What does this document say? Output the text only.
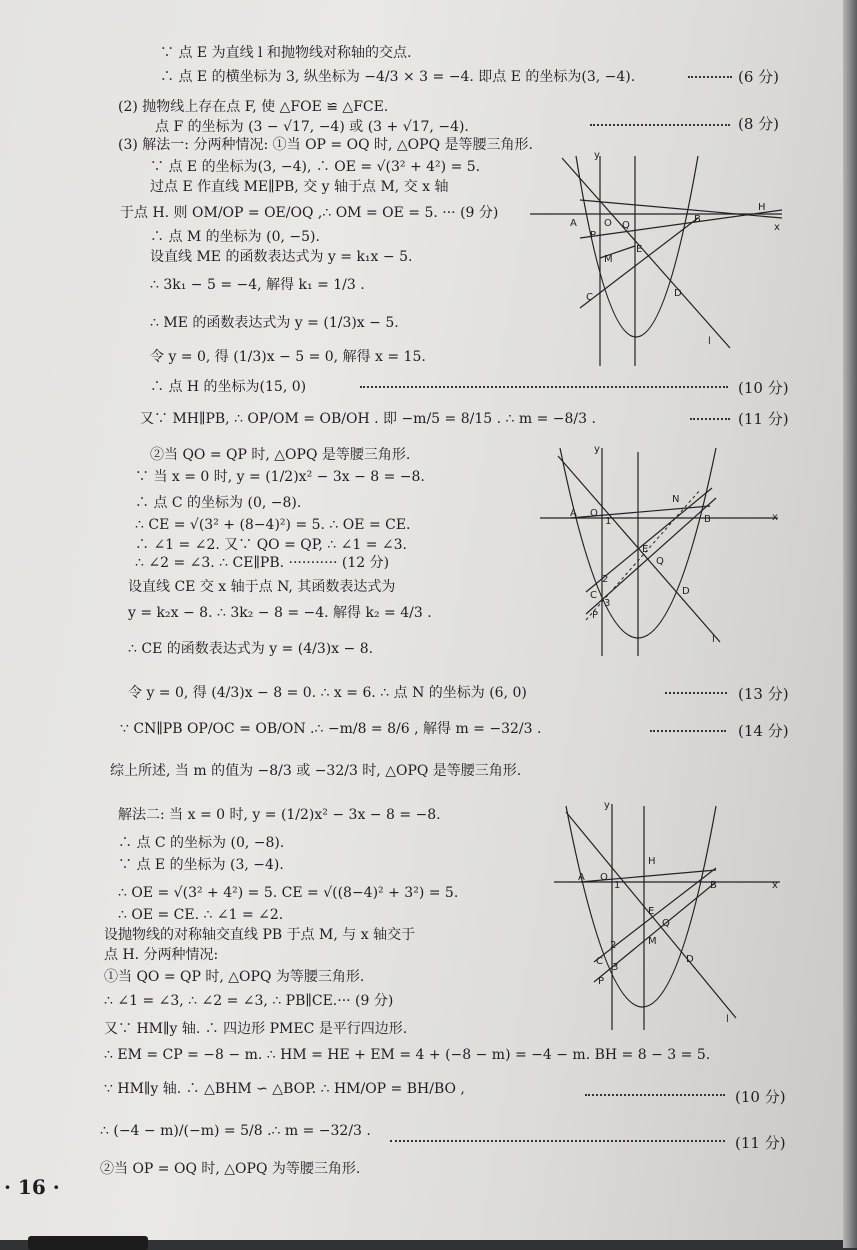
∵ 点 E 为直线 l 和抛物线对称轴的交点.
∴ 点 E 的横坐标为 3, 纵坐标为 −4/3 × 3 = −4. 即点 E 的坐标为(3, −4).	(6 分)
(2) 抛物线上存在点 F, 使 △FOE ≌ △FCE.
点 F 的坐标为 (3 − √17, −4) 或 (3 + √17, −4).	(8 分)
(3) 解法一: 分两种情况: ①当 OP = OQ 时, △OPQ 是等腰三角形.
∵ 点 E 的坐标为(3, −4), ∴ OE = √(3² + 4²) = 5.
过点 E 作直线 ME∥PB, 交 y 轴于点 M, 交 x 轴
于点 H. 则 OM/OP = OE/OQ ,∴ OM = OE = 5. ··· (9 分)
∴ 点 M 的坐标为 (0, −5).
设直线 ME 的函数表达式为 y = k₁x − 5.
∴ 3k₁ − 5 = −4, 解得 k₁ = 1/3 .
∴ ME 的函数表达式为 y = (1/3)x − 5.
令 y = 0, 得 (1/3)x − 5 = 0, 解得 x = 15.
∴ 点 H 的坐标为(15, 0)	(10 分)
又∵ MH∥PB, ∴ OP/OM = OB/OH . 即 −m/5 = 8/15 . ∴ m = −8/3 .	(11 分)
②当 QO = QP 时, △OPQ 是等腰三角形.
∵ 当 x = 0 时, y = (1/2)x² − 3x − 8 = −8.
∴ 点 C 的坐标为 (0, −8).
∴ CE = √(3² + (8−4)²) = 5. ∴ OE = CE.
∴ ∠1 = ∠2. 又∵ QO = QP, ∴ ∠1 = ∠3.
∴ ∠2 = ∠3. ∴ CE∥PB. ··········· (12 分)
设直线 CE 交 x 轴于点 N, 其函数表达式为
y = k₂x − 8. ∴ 3k₂ − 8 = −4. 解得 k₂ = 4/3 .
∴ CE 的函数表达式为 y = (4/3)x − 8.
令 y = 0, 得 (4/3)x − 8 = 0. ∴ x = 6. ∴ 点 N 的坐标为 (6, 0)	(13 分)
∵ CN∥PB OP/OC = OB/ON .∴ −m/8 = 8/6 , 解得 m = −32/3 .	(14 分)
综上所述, 当 m 的值为 −8/3 或 −32/3 时, △OPQ 是等腰三角形.
解法二: 当 x = 0 时, y = (1/2)x² − 3x − 8 = −8.
∴ 点 C 的坐标为 (0, −8).
∵ 点 E 的坐标为 (3, −4).
∴ OE = √(3² + 4²) = 5. CE = √((8−4)² + 3²) = 5.
∴ OE = CE. ∴ ∠1 = ∠2.
设抛物线的对称轴交直线 PB 于点 M, 与 x 轴交于
点 H. 分两种情况:
①当 QO = QP 时, △OPQ 为等腰三角形.
∴ ∠1 = ∠3, ∴ ∠2 = ∠3, ∴ PB∥CE.··· (9 分)
又∵ HM∥y 轴. ∴ 四边形 PMEC 是平行四边形.
∴ EM = CP = −8 − m. ∴ HM = HE + EM = 4 + (−8 − m) = −4 − m. BH = 8 − 3 = 5.
∵ HM∥y 轴. ∴ △BHM ∽ △BOP. ∴ HM/OP = BH/BO ,	(10 分)
∴ (−4 − m)/(−m) = 5/8 .∴ m = −32/3 .
(11 分)
②当 OP = OQ 时, △OPQ 为等腰三角形.
y
O	x
H
A	Q
B
P
E
M
C	D
l
y
A O
1	x
N
B
E
Q
2
C
3
P
D
l
y
H
A O
1	B	x
E
Q
M
2
C
3
P
D
l
· 16 ·
